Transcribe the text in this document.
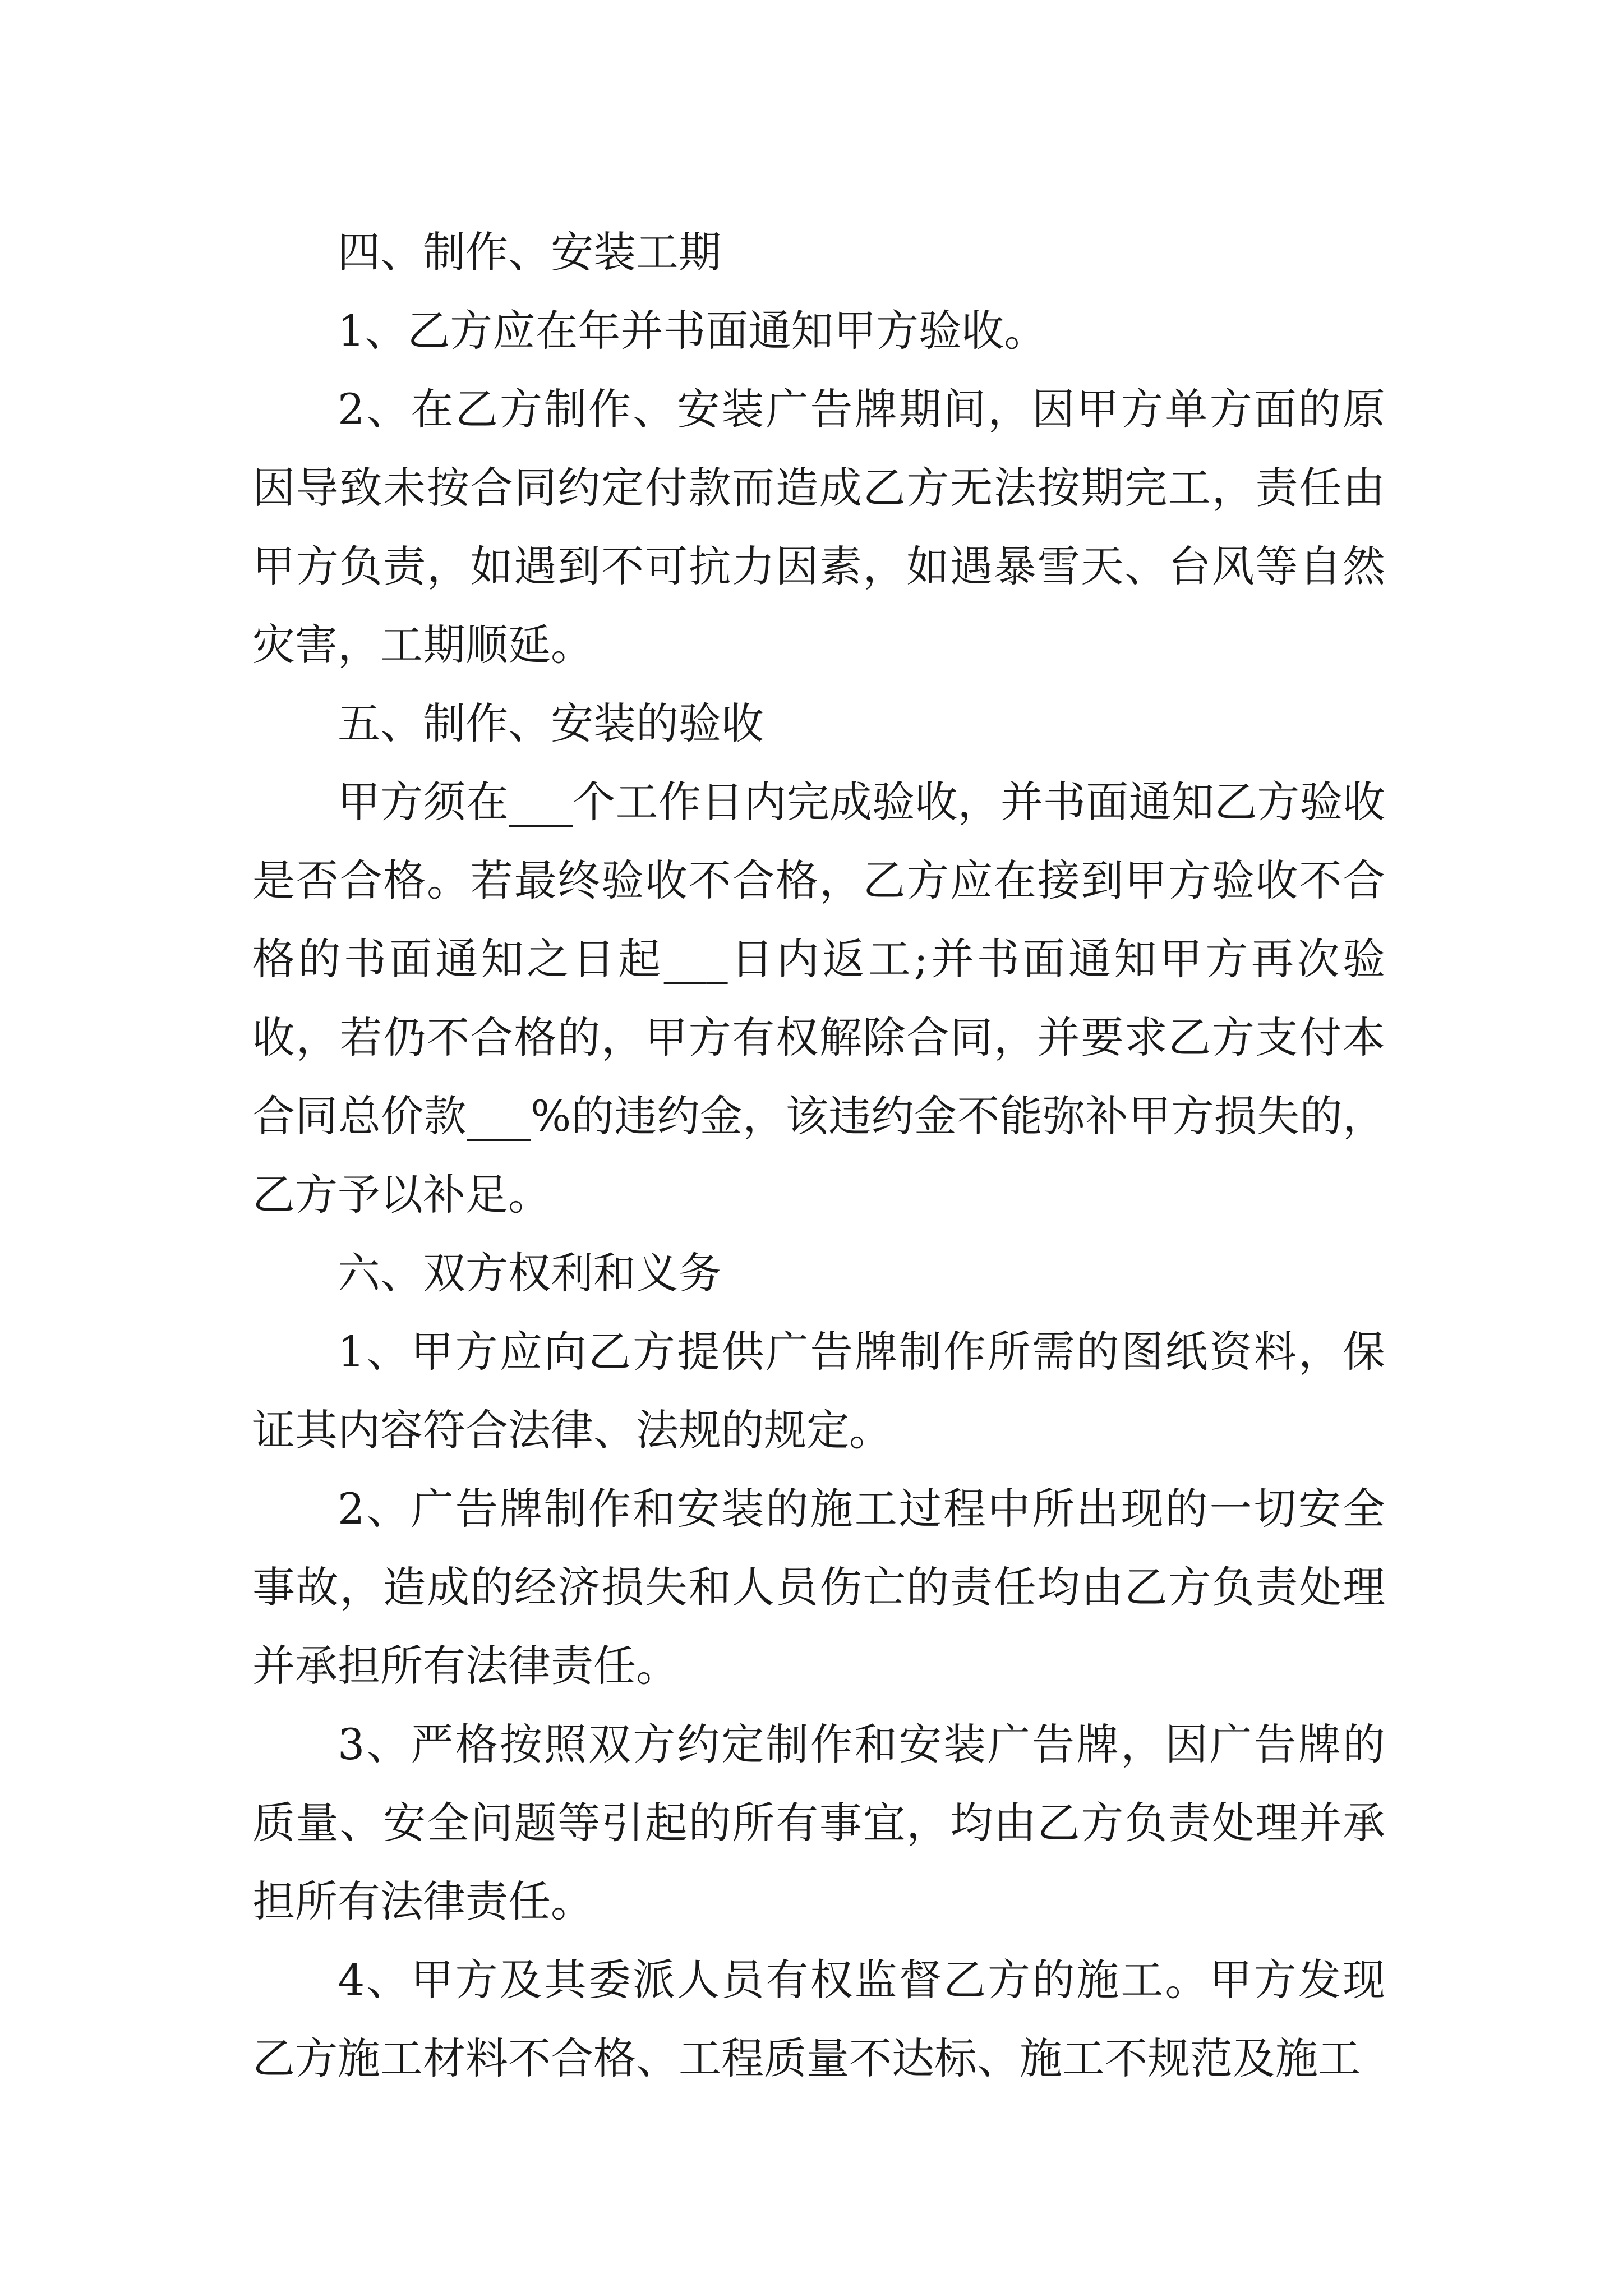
四、制作、安装工期

1、乙方应在年并书面通知甲方验收。

2、在乙方制作、安装广告牌期间，因甲方单方面的原因导致未按合同约定付款而造成乙方无法按期完工，责任由甲方负责，如遇到不可抗力因素，如遇暴雪天、台风等自然灾害，工期顺延。

五、制作、安装的验收

甲方须在___个工作日内完成验收，并书面通知乙方验收是否合格。若最终验收不合格，乙方应在接到甲方验收不合格的书面通知之日起___日内返工;并书面通知甲方再次验收，若仍不合格的，甲方有权解除合同，并要求乙方支付本合同总价款___%的违约金，该违约金不能弥补甲方损失的，乙方予以补足。

六、双方权利和义务

1、甲方应向乙方提供广告牌制作所需的图纸资料，保证其内容符合法律、法规的规定。

2、广告牌制作和安装的施工过程中所出现的一切安全事故，造成的经济损失和人员伤亡的责任均由乙方负责处理并承担所有法律责任。

3、严格按照双方约定制作和安装广告牌，因广告牌的质量、安全问题等引起的所有事宜，均由乙方负责处理并承担所有法律责任。

4、甲方及其委派人员有权监督乙方的施工。甲方发现乙方施工材料不合格、工程质量不达标、施工不规范及施工
